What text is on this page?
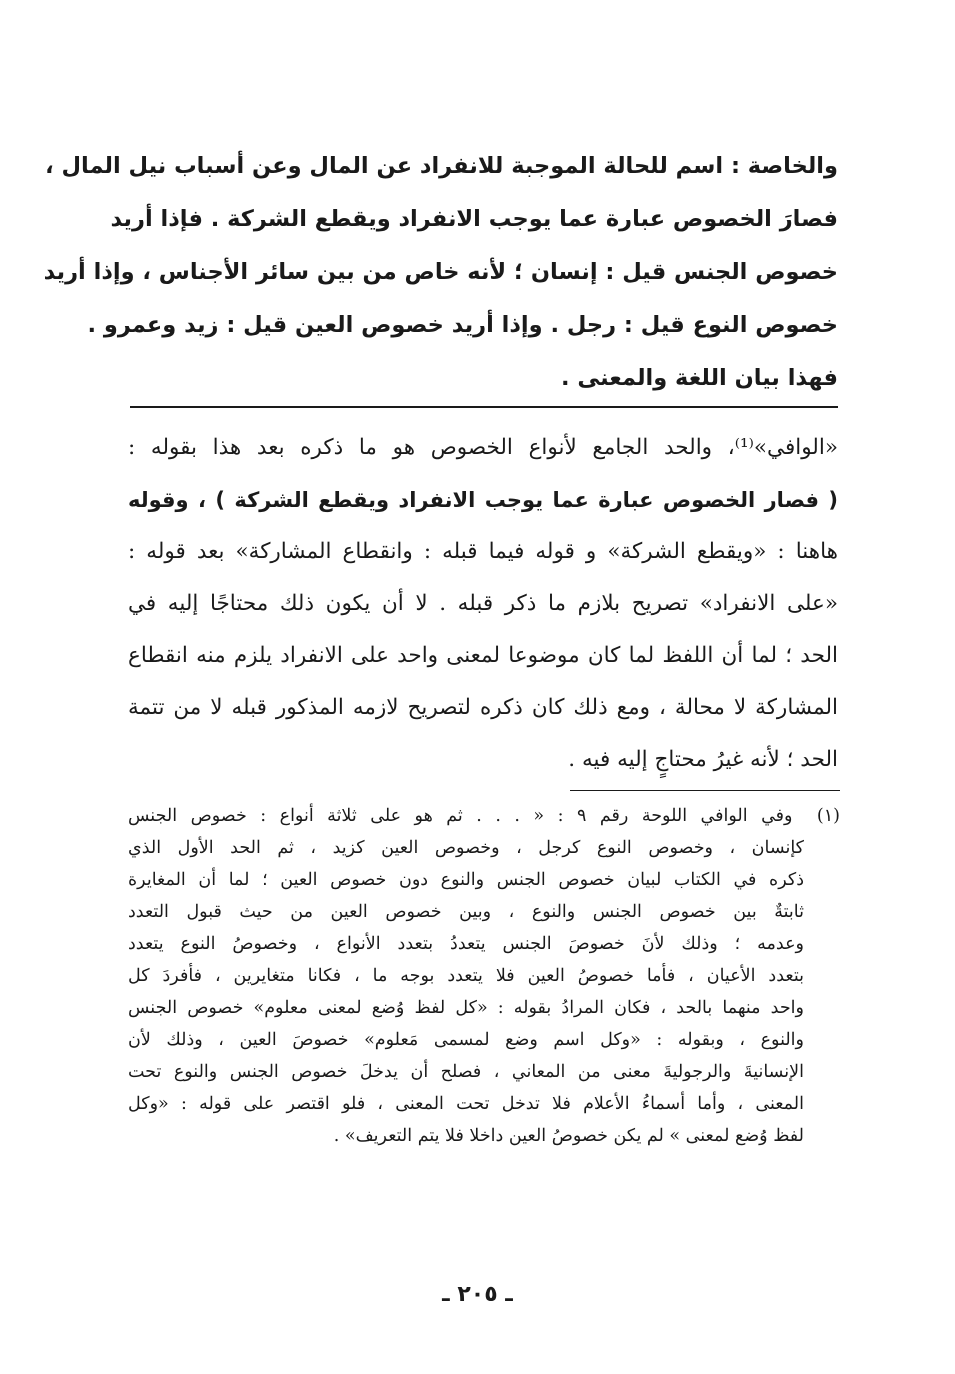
والخاصة : اسم للحالة الموجبة للانفراد عن المال وعن أسباب نيل المال ،
فصارَ الخصوص عبارة عما يوجب الانفراد ويقطع الشركة . فإذا أريد
خصوص الجنس قيل : إنسان ؛ لأنه خاص من بين سائر الأجناس ، وإذا أريد
خصوص النوع قيل : رجل . وإذا أريد خصوص العين قيل : زيد وعمرو .
فهذا بيان اللغة والمعنى .
«الوافي»⁽¹⁾، والحد الجامع لأنواع الخصوص هو ما ذكره بعد هذا بقوله :
( فصار الخصوص عبارة عما يوجب الانفراد ويقطع الشركة ) ، وقوله
هاهنا : «ويقطع الشركة» و قوله فيما قبله : وانقطاع المشاركة» بعد قوله :
«على الانفراد» تصريح بلازم ما ذكر قبله . لا أن يكون ذلك محتاجًا إليه في
الحد ؛ لما أن اللفظ لما كان موضوعا لمعنى واحد على الانفراد يلزم منه انقطاع
المشاركة لا محالة ، ومع ذلك كان ذكره لتصريح لازمه المذكور قبله لا من تتمة
الحد ؛ لأنه غيرُ محتاجٍ إليه فيه .
(١) وفي الوافي اللوحة رقم ٩ : « . . . ثم هو على ثلاثة أنواع : خصوص الجنس
كإنسان ، وخصوص النوع كرجل ، وخصوص العين كزيد ، ثم الحد الأول الذي
ذكره في الكتاب لبيان خصوص الجنس والنوع دون خصوص العين ؛ لما أن المغايرة
ثابتةٌ بين خصوص الجنس والنوع ، وبين خصوص العين من حيث قبول التعدد
وعدمه ؛ وذلك لأنَ خصوصَ الجنس يتعددُ بتعدد الأنواع ، وخصوصُ النوع يتعدد
بتعدد الأعيان ، فأما خصوصُ العين فلا يتعدد بوجه ما ، فكانا متغايرين ، فأفردَ كل
واحد منهما بالحد ، فكان المرادُ بقوله : «كل لفظ وُضع لمعنى معلوم» خصوص الجنس
والنوع ، وبقوله : «وكل اسم وضع لمسمى مَعلوم» خصوصَ العين ، وذلك لأن
الإنسانيةَ والرجوليةَ معنى من المعاني ، فصلح أن يدخلَ خصوص الجنس والنوع تحت
المعنى ، وأما أسماءُ الأعلام فلا تدخل تحت المعنى ، فلو اقتصر على قوله : «وكل
لفظ وُضع لمعنى » لم يكن خصوصُ العين داخلا فلا يتم التعريف» .
ـ ٢٠٥ ـ
